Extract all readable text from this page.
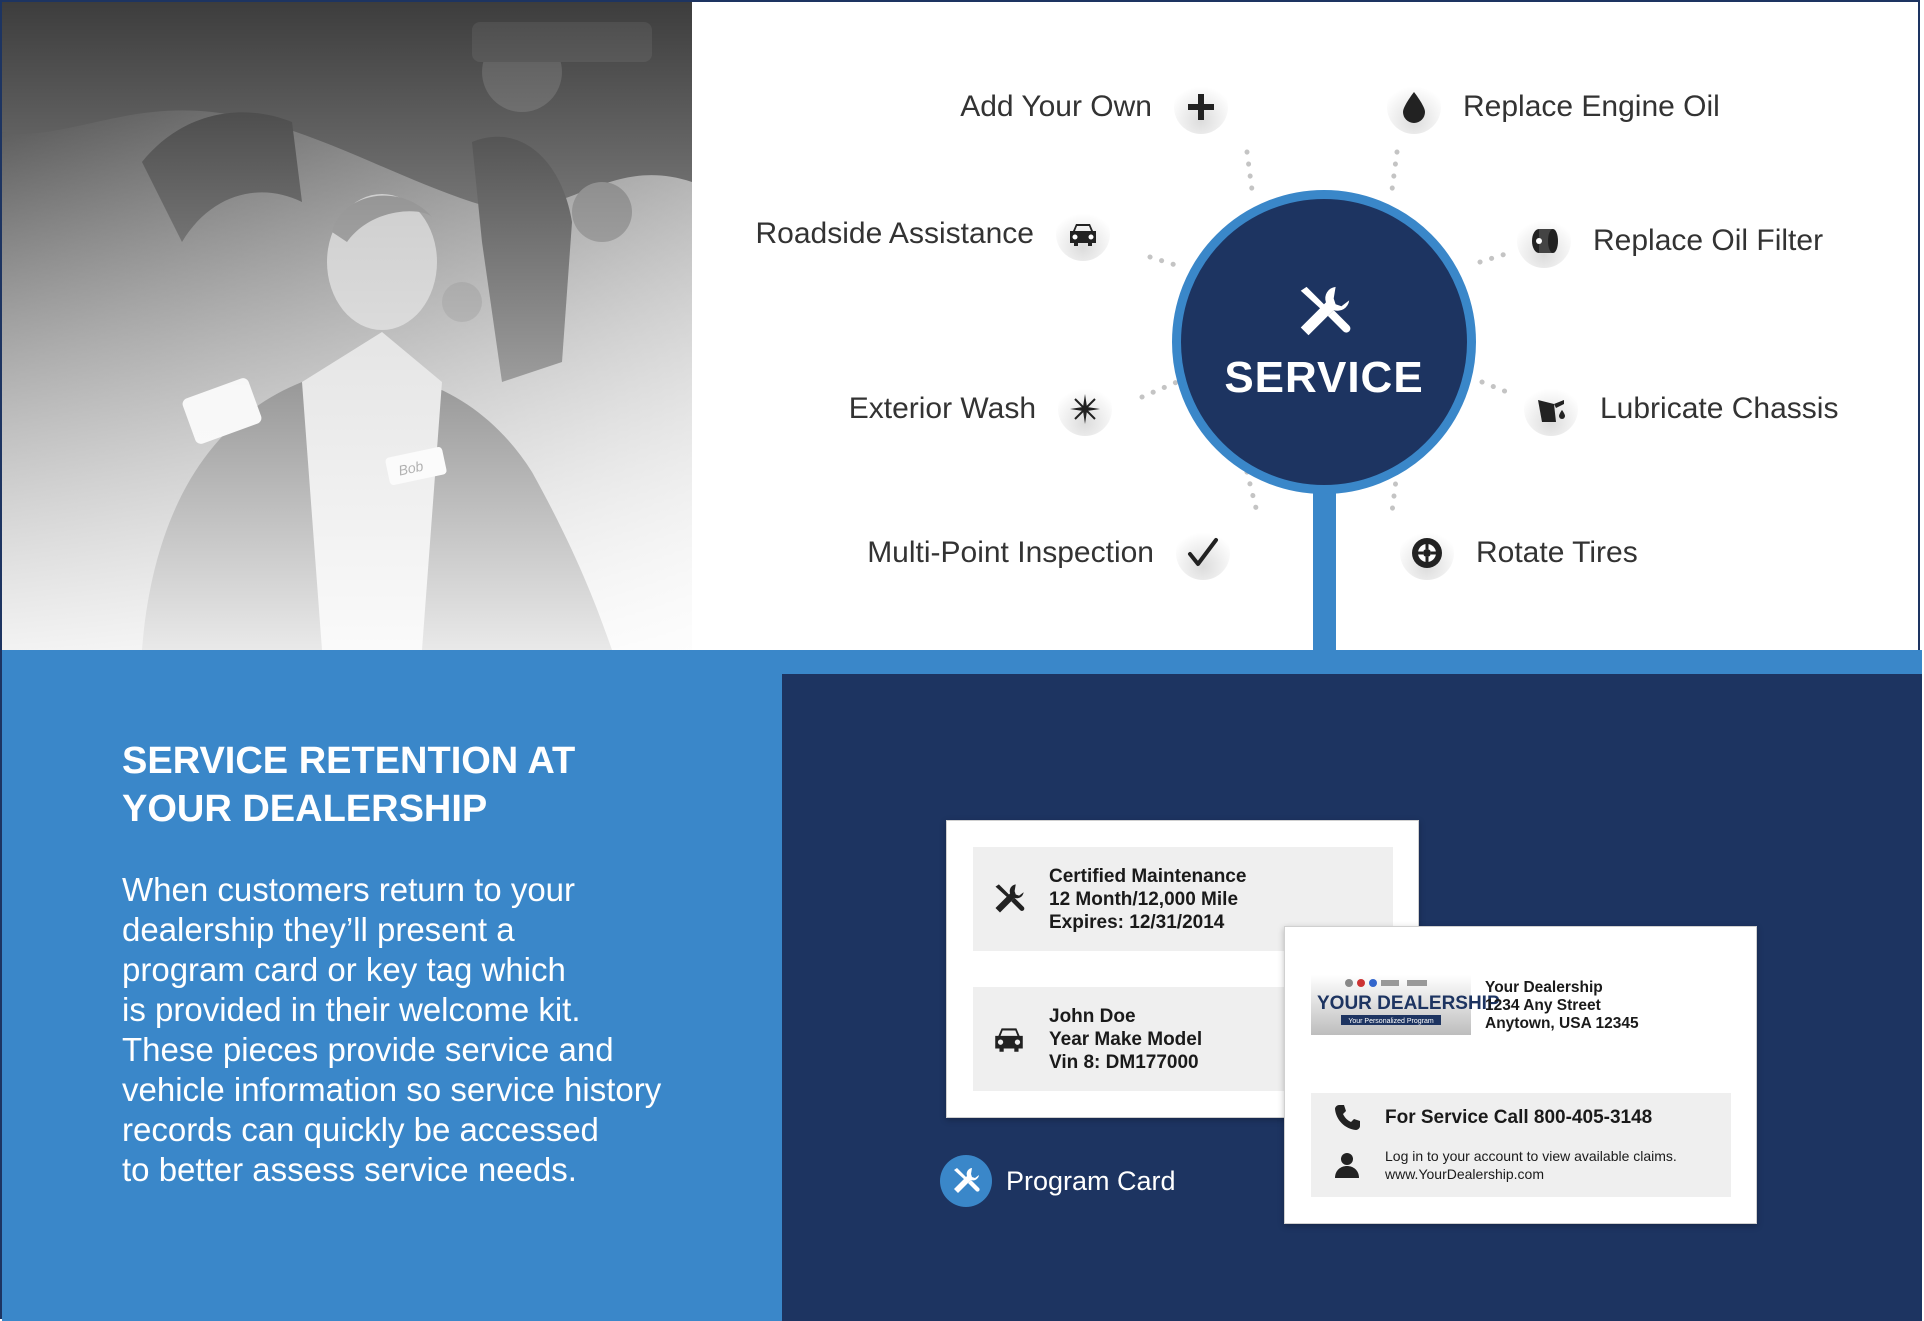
SERVICE
Add Your Own
Roadside Assistance
Exterior Wash
Multi-Point Inspection
Replace Engine Oil
Replace Oil Filter
Lubricate Chassis
Rotate Tires
SERVICE RETENTION AT
YOUR DEALERSHIP

When customers return to your
dealership they’ll present a
program card or key tag which
is provided in their welcome kit.
These pieces provide service and
vehicle information so service history
records can quickly be accessed
to better assess service needs.

Certified Maintenance
12 Month/12,000 Mile
Expires: 12/31/2014
John Doe
Year Make Model
Vin 8: DM177000
YOUR DEALERSHIP
Your Personalized Program
Your Dealership
1234 Any Street
Anytown, USA 12345
For Service Call 800-405-3148
Log in to your account to view available claims.
www.YourDealership.com
Program Card
